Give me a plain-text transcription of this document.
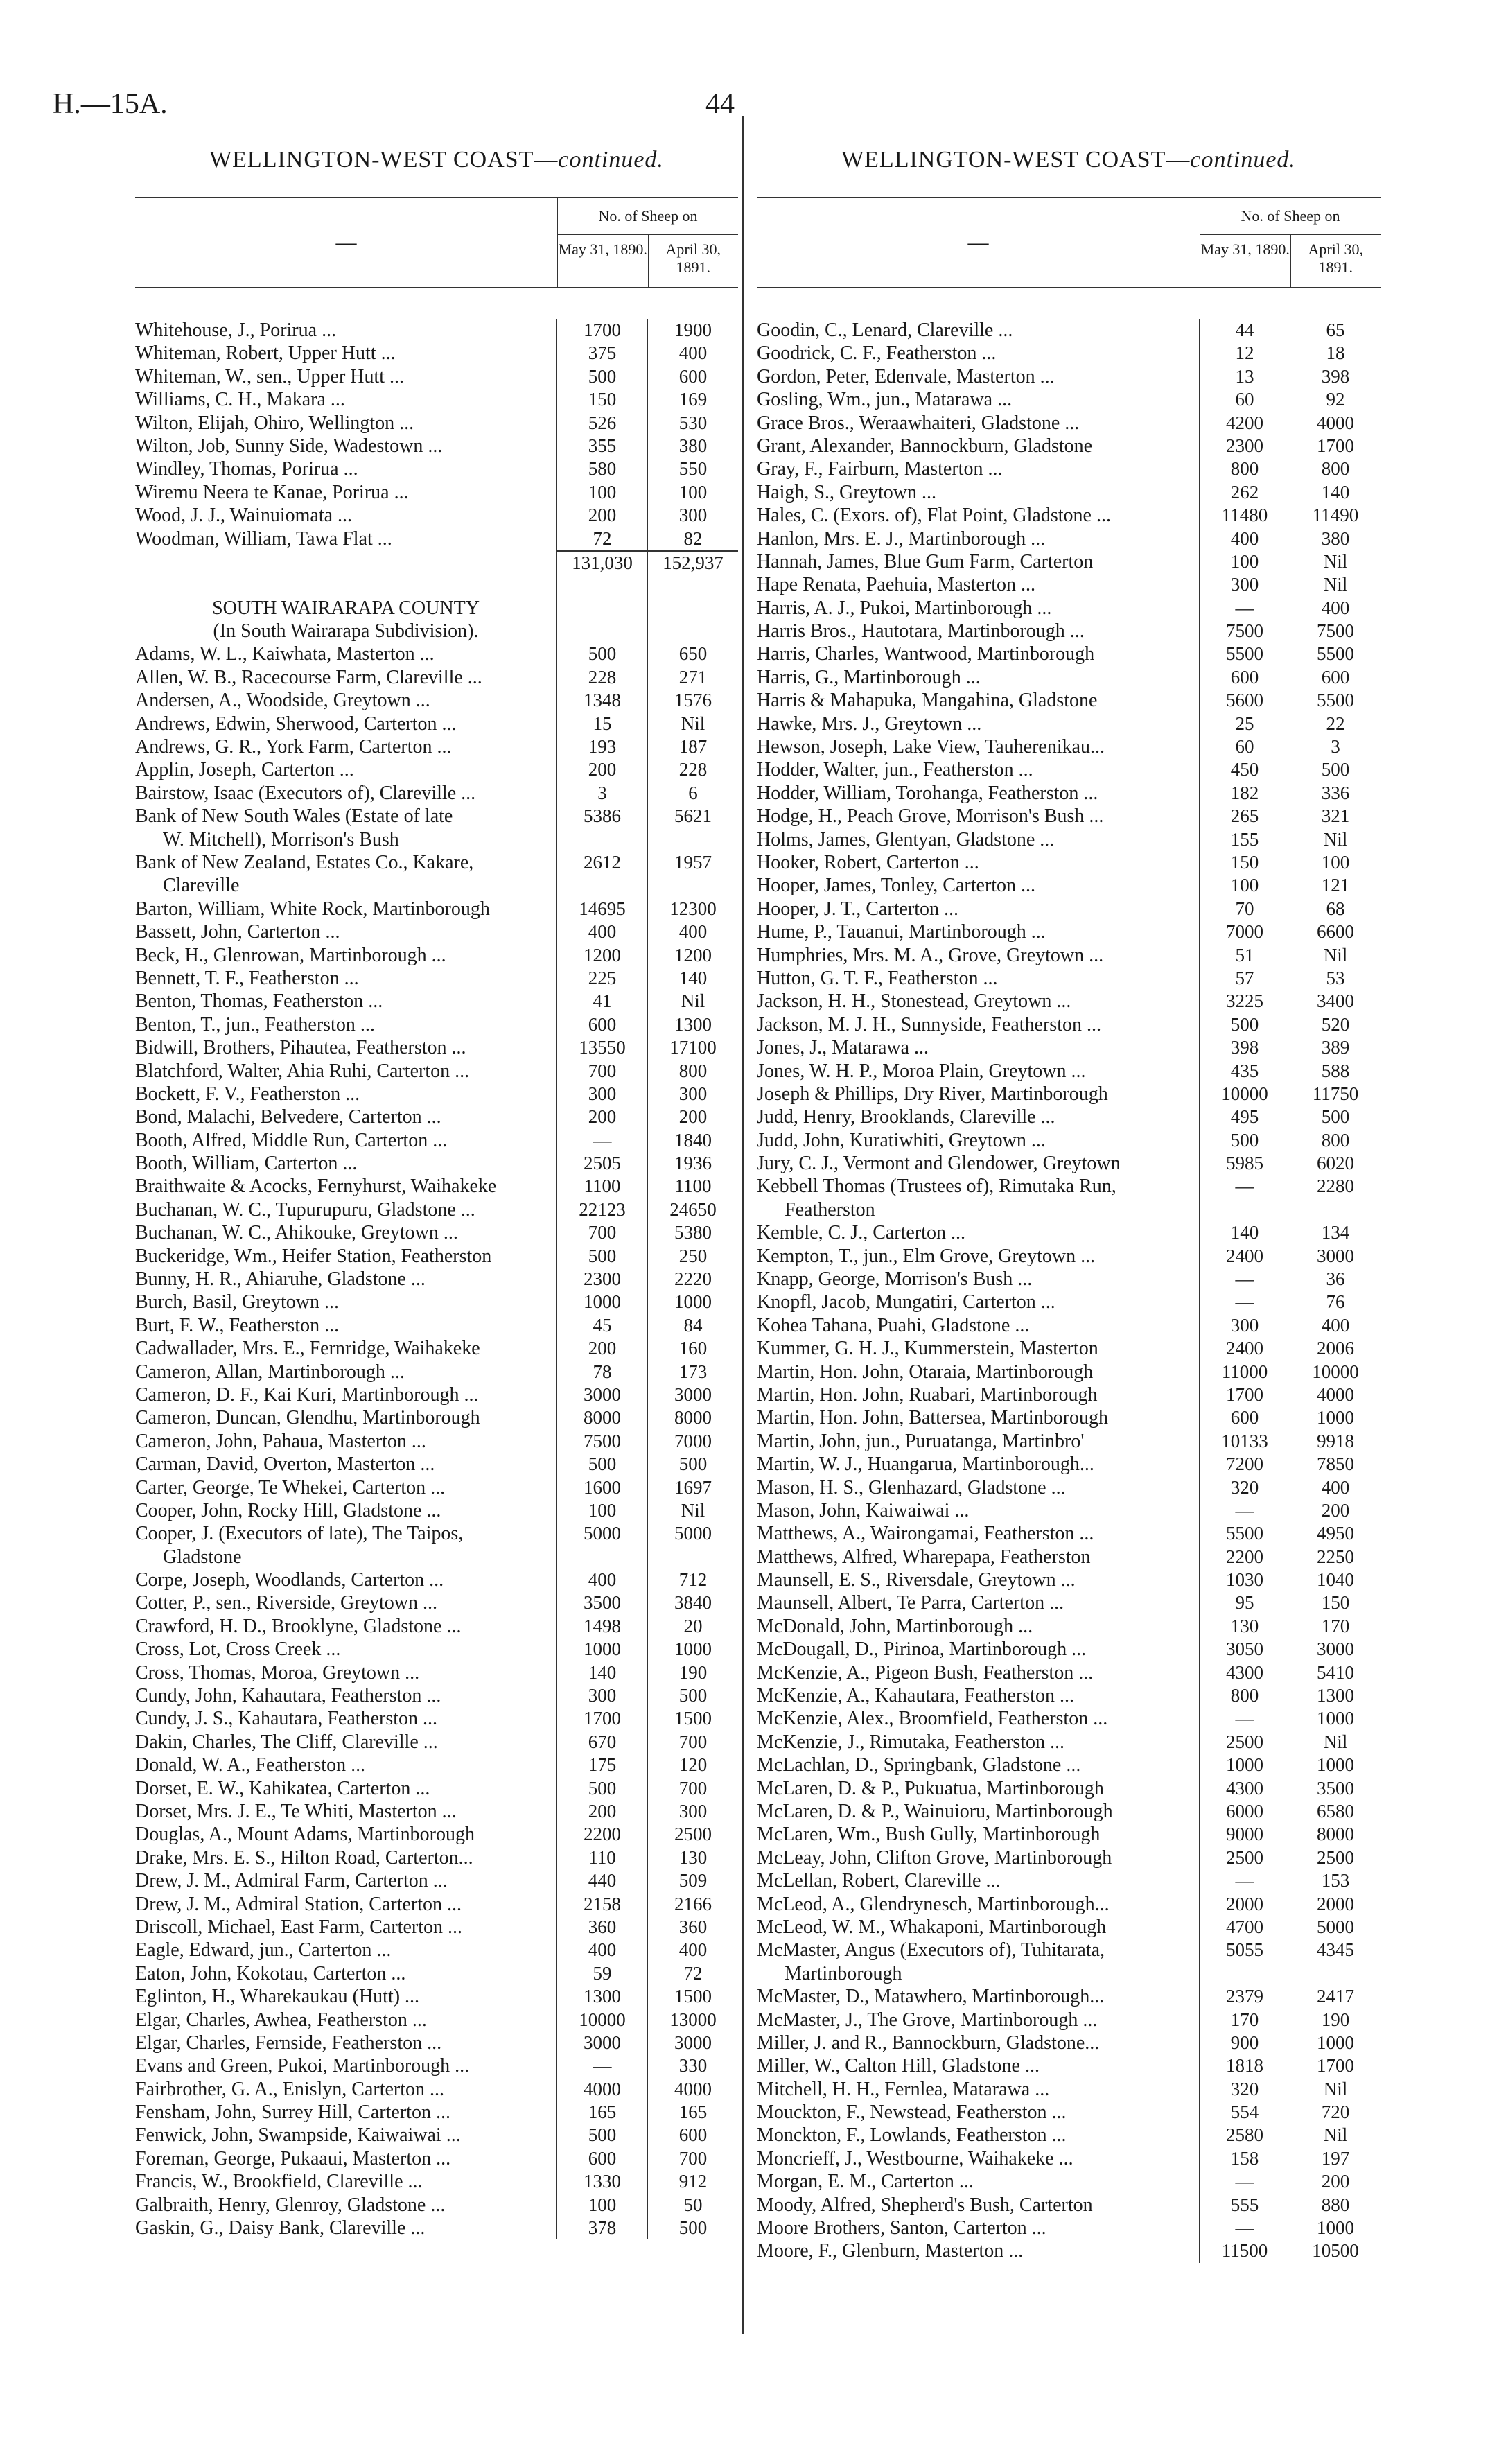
H.—15A.	44
WELLINGTON-WEST COAST—continued.
—
No. of Sheep on
May 31, 1890.	April 30, 1891.
Whitehouse, J., Porirua ...	1700	1900
Whiteman, Robert, Upper Hutt ...	375	400
Whiteman, W., sen., Upper Hutt ...	500	600
Williams, C. H., Makara ...	150	169
Wilton, Elijah, Ohiro, Wellington ...	526	530
Wilton, Job, Sunny Side, Wadestown ...	355	380
Windley, Thomas, Porirua ...	580	550
Wiremu Neera te Kanae, Porirua ...	100	100
Wood, J. J., Wainuiomata ...	200	300
Woodman, William, Tawa Flat ...	72	82
131,030	152,937
SOUTH WAIRARAPA COUNTY
(In South Wairarapa Subdivision).
Adams, W. L., Kaiwhata, Masterton ...	500	650
Allen, W. B., Racecourse Farm, Clareville ...	228	271
Andersen, A., Woodside, Greytown ...	1348	1576
Andrews, Edwin, Sherwood, Carterton ...	15	Nil
Andrews, G. R., York Farm, Carterton ...	193	187
Applin, Joseph, Carterton ...	200	228
Bairstow, Isaac (Executors of), Clareville ...	3	6
Bank of New South Wales (Estate of late	5386	5621
W. Mitchell), Morrison's Bush
Bank of New Zealand, Estates Co., Kakare,	2612	1957
Clareville
Barton, William, White Rock, Martinborough	14695	12300
Bassett, John, Carterton ...	400	400
Beck, H., Glenrowan, Martinborough ...	1200	1200
Bennett, T. F., Featherston ...	225	140
Benton, Thomas, Featherston ...	41	Nil
Benton, T., jun., Featherston ...	600	1300
Bidwill, Brothers, Pihautea, Featherston ...	13550	17100
Blatchford, Walter, Ahia Ruhi, Carterton ...	700	800
Bockett, F. V., Featherston ...	300	300
Bond, Malachi, Belvedere, Carterton ...	200	200
Booth, Alfred, Middle Run, Carterton ...	—	1840
Booth, William, Carterton ...	2505	1936
Braithwaite & Acocks, Fernyhurst, Waihakeke	1100	1100
Buchanan, W. C., Tupurupuru, Gladstone ...	22123	24650
Buchanan, W. C., Ahikouke, Greytown ...	700	5380
Buckeridge, Wm., Heifer Station, Featherston	500	250
Bunny, H. R., Ahiaruhe, Gladstone ...	2300	2220
Burch, Basil, Greytown ...	1000	1000
Burt, F. W., Featherston ...	45	84
Cadwallader, Mrs. E., Fernridge, Waihakeke	200	160
Cameron, Allan, Martinborough ...	78	173
Cameron, D. F., Kai Kuri, Martinborough ...	3000	3000
Cameron, Duncan, Glendhu, Martinborough	8000	8000
Cameron, John, Pahaua, Masterton ...	7500	7000
Carman, David, Overton, Masterton ...	500	500
Carter, George, Te Whekei, Carterton ...	1600	1697
Cooper, John, Rocky Hill, Gladstone ...	100	Nil
Cooper, J. (Executors of late), The Taipos,	5000	5000
Gladstone
Corpe, Joseph, Woodlands, Carterton ...	400	712
Cotter, P., sen., Riverside, Greytown ...	3500	3840
Crawford, H. D., Brooklyne, Gladstone ...	1498	20
Cross, Lot, Cross Creek ...	1000	1000
Cross, Thomas, Moroa, Greytown ...	140	190
Cundy, John, Kahautara, Featherston ...	300	500
Cundy, J. S., Kahautara, Featherston ...	1700	1500
Dakin, Charles, The Cliff, Clareville ...	670	700
Donald, W. A., Featherston ...	175	120
Dorset, E. W., Kahikatea, Carterton ...	500	700
Dorset, Mrs. J. E., Te Whiti, Masterton ...	200	300
Douglas, A., Mount Adams, Martinborough	2200	2500
Drake, Mrs. E. S., Hilton Road, Carterton...	110	130
Drew, J. M., Admiral Farm, Carterton ...	440	509
Drew, J. M., Admiral Station, Carterton ...	2158	2166
Driscoll, Michael, East Farm, Carterton ...	360	360
Eagle, Edward, jun., Carterton ...	400	400
Eaton, John, Kokotau, Carterton ...	59	72
Eglinton, H., Wharekaukau (Hutt) ...	1300	1500
Elgar, Charles, Awhea, Featherston ...	10000	13000
Elgar, Charles, Fernside, Featherston ...	3000	3000
Evans and Green, Pukoi, Martinborough ...	—	330
Fairbrother, G. A., Enislyn, Carterton ...	4000	4000
Fensham, John, Surrey Hill, Carterton ...	165	165
Fenwick, John, Swampside, Kaiwaiwai ...	500	600
Foreman, George, Pukaaui, Masterton ...	600	700
Francis, W., Brookfield, Clareville ...	1330	912
Galbraith, Henry, Glenroy, Gladstone ...	100	50
Gaskin, G., Daisy Bank, Clareville ...	378	500
WELLINGTON-WEST COAST—continued.
—
No. of Sheep on
May 31, 1890.	April 30, 1891.
Goodin, C., Lenard, Clareville ...	44	65
Goodrick, C. F., Featherston ...	12	18
Gordon, Peter, Edenvale, Masterton ...	13	398
Gosling, Wm., jun., Matarawa ...	60	92
Grace Bros., Weraawhaiteri, Gladstone ...	4200	4000
Grant, Alexander, Bannockburn, Gladstone	2300	1700
Gray, F., Fairburn, Masterton ...	800	800
Haigh, S., Greytown ...	262	140
Hales, C. (Exors. of), Flat Point, Gladstone ...	11480	11490
Hanlon, Mrs. E. J., Martinborough ...	400	380
Hannah, James, Blue Gum Farm, Carterton	100	Nil
Hape Renata, Paehuia, Masterton ...	300	Nil
Harris, A. J., Pukoi, Martinborough ...	—	400
Harris Bros., Hautotara, Martinborough ...	7500	7500
Harris, Charles, Wantwood, Martinborough	5500	5500
Harris, G., Martinborough ...	600	600
Harris & Mahapuka, Mangahina, Gladstone	5600	5500
Hawke, Mrs. J., Greytown ...	25	22
Hewson, Joseph, Lake View, Tauherenikau...	60	3
Hodder, Walter, jun., Featherston ...	450	500
Hodder, William, Torohanga, Featherston ...	182	336
Hodge, H., Peach Grove, Morrison's Bush ...	265	321
Holms, James, Glentyan, Gladstone ...	155	Nil
Hooker, Robert, Carterton ...	150	100
Hooper, James, Tonley, Carterton ...	100	121
Hooper, J. T., Carterton ...	70	68
Hume, P., Tauanui, Martinborough ...	7000	6600
Humphries, Mrs. M. A., Grove, Greytown ...	51	Nil
Hutton, G. T. F., Featherston ...	57	53
Jackson, H. H., Stonestead, Greytown ...	3225	3400
Jackson, M. J. H., Sunnyside, Featherston ...	500	520
Jones, J., Matarawa ...	398	389
Jones, W. H. P., Moroa Plain, Greytown ...	435	588
Joseph & Phillips, Dry River, Martinborough	10000	11750
Judd, Henry, Brooklands, Clareville ...	495	500
Judd, John, Kuratiwhiti, Greytown ...	500	800
Jury, C. J., Vermont and Glendower, Greytown	5985	6020
Kebbell Thomas (Trustees of), Rimutaka Run,	—	2280
Featherston
Kemble, C. J., Carterton ...	140	134
Kempton, T., jun., Elm Grove, Greytown ...	2400	3000
Knapp, George, Morrison's Bush ...	—	36
Knopfl, Jacob, Mungatiri, Carterton ...	—	76
Kohea Tahana, Puahi, Gladstone ...	300	400
Kummer, G. H. J., Kummerstein, Masterton	2400	2006
Martin, Hon. John, Otaraia, Martinborough	11000	10000
Martin, Hon. John, Ruabari, Martinborough	1700	4000
Martin, Hon. John, Battersea, Martinborough	600	1000
Martin, John, jun., Puruatanga, Martinbro'	10133	9918
Martin, W. J., Huangarua, Martinborough...	7200	7850
Mason, H. S., Glenhazard, Gladstone ...	320	400
Mason, John, Kaiwaiwai ...	—	200
Matthews, A., Wairongamai, Featherston ...	5500	4950
Matthews, Alfred, Wharepapa, Featherston	2200	2250
Maunsell, E. S., Riversdale, Greytown ...	1030	1040
Maunsell, Albert, Te Parra, Carterton ...	95	150
McDonald, John, Martinborough ...	130	170
McDougall, D., Pirinoa, Martinborough ...	3050	3000
McKenzie, A., Pigeon Bush, Featherston ...	4300	5410
McKenzie, A., Kahautara, Featherston ...	800	1300
McKenzie, Alex., Broomfield, Featherston ...	—	1000
McKenzie, J., Rimutaka, Featherston ...	2500	Nil
McLachlan, D., Springbank, Gladstone ...	1000	1000
McLaren, D. & P., Pukuatua, Martinborough	4300	3500
McLaren, D. & P., Wainuioru, Martinborough	6000	6580
McLaren, Wm., Bush Gully, Martinborough	9000	8000
McLeay, John, Clifton Grove, Martinborough	2500	2500
McLellan, Robert, Clareville ...	—	153
McLeod, A., Glendrynesch, Martinborough...	2000	2000
McLeod, W. M., Whakaponi, Martinborough	4700	5000
McMaster, Angus (Executors of), Tuhitarata,	5055	4345
Martinborough
McMaster, D., Matawhero, Martinborough...	2379	2417
McMaster, J., The Grove, Martinborough ...	170	190
Miller, J. and R., Bannockburn, Gladstone...	900	1000
Miller, W., Calton Hill, Gladstone ...	1818	1700
Mitchell, H. H., Fernlea, Matarawa ...	320	Nil
Mouckton, F., Newstead, Featherston ...	554	720
Monckton, F., Lowlands, Featherston ...	2580	Nil
Moncrieff, J., Westbourne, Waihakeke ...	158	197
Morgan, E. M., Carterton ...	—	200
Moody, Alfred, Shepherd's Bush, Carterton	555	880
Moore Brothers, Santon, Carterton ...	—	1000
Moore, F., Glenburn, Masterton ...	11500	10500
